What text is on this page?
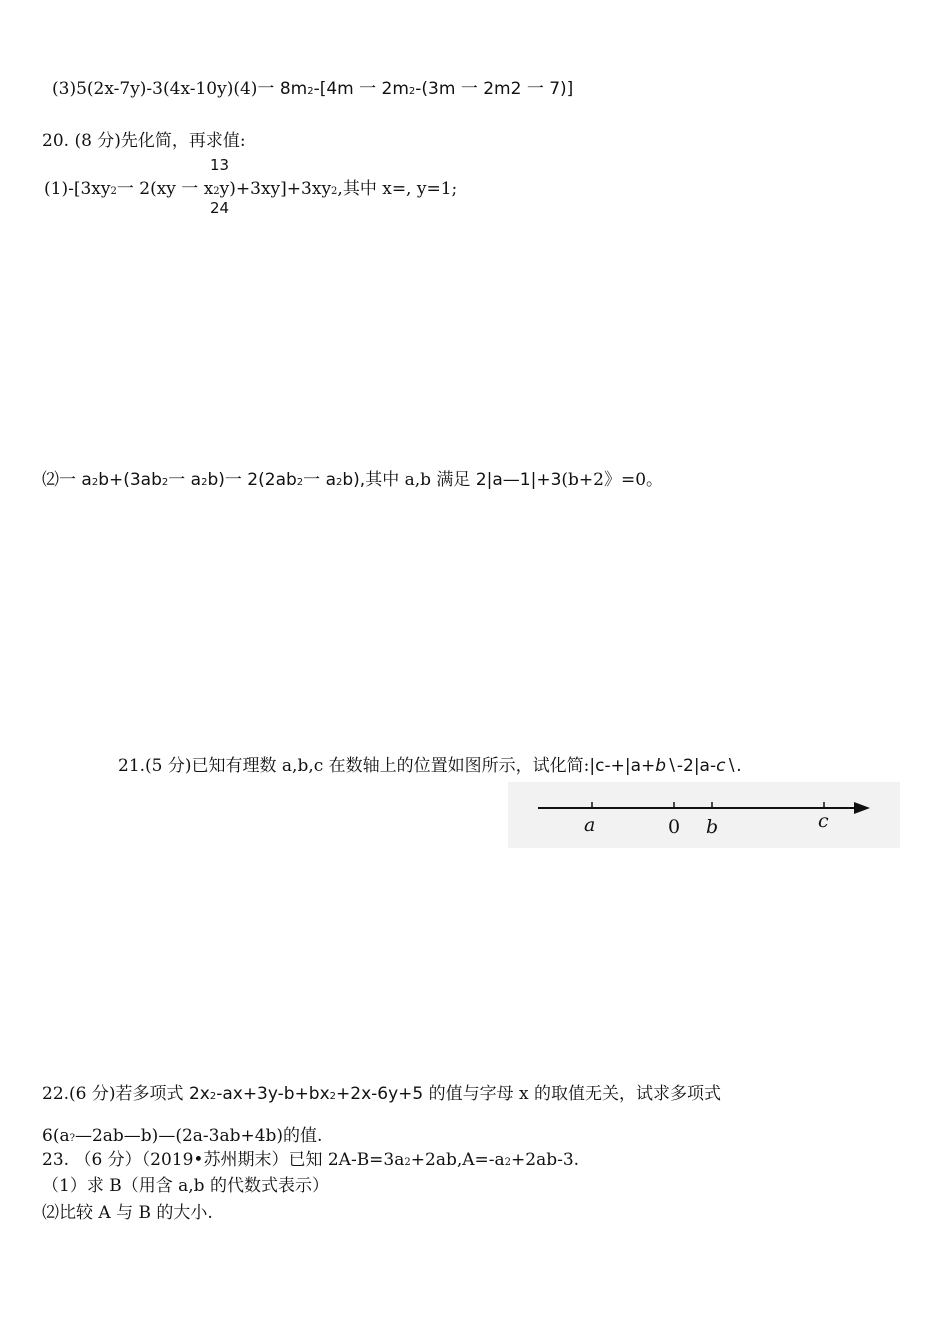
(3)5(2x-7y)-3(4x-10y)(4)一 8m2-[4m 一 2m2-(3m 一 2m2 一 7)]
20. (8 分)先化简，再求值:
13
24
(1)-[3xy2一 2(xy 一 x2y)+3xy]+3xy2,其中 x=, y=1;
⑵一 a2b+(3ab2一 a2b)一 2(2ab2一 a2b),其中 a,b 满足 2|a—1|+3(b+2》=0。
21.(5 分)已知有理数 a,b,c 在数轴上的位置如图所示，试化简:|c-+|a+b∖-2|a-c∖.
a	0 b	c
22.(6 分)若多项式 2x2-ax+3y-b+bx2+2x-6y+5 的值与字母 x 的取值无关，试求多项式
6(a?—2ab—b)—(2a-3ab+4b)的值.
23. （6 分）（2019•苏州期末）已知 2A-B=3a2+2ab,A=-a2+2ab-3.
（1）求 B（用含 a,b 的代数式表示）
⑵比较 A 与 B 的大小.
